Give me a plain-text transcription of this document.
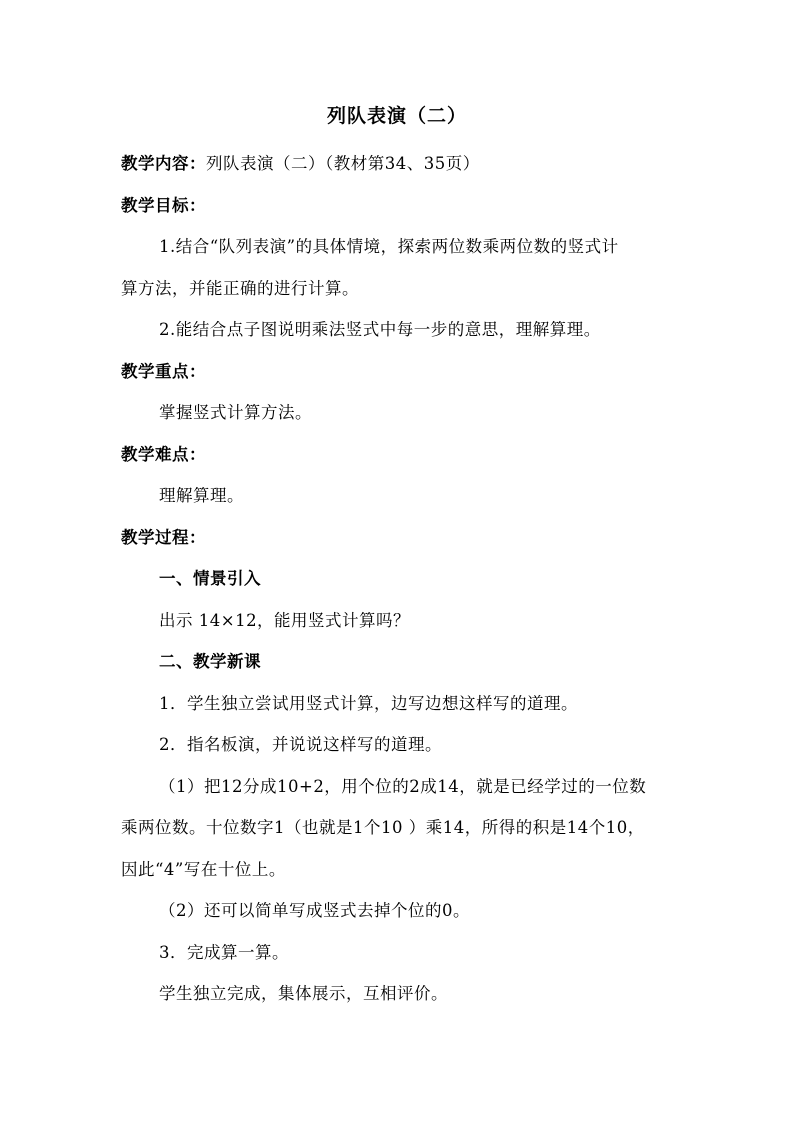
列队表演（二）
教学内容：列队表演（二）（教材第34、35页）
教学目标：
1.结合“队列表演”的具体情境，探索两位数乘两位数的竖式计
算方法，并能正确的进行计算。
2.能结合点子图说明乘法竖式中每一步的意思，理解算理。
教学重点：
掌握竖式计算方法。
教学难点：
理解算理。
教学过程：
一、情景引入
出示 14×12，能用竖式计算吗？
二、教学新课
1．学生独立尝试用竖式计算，边写边想这样写的道理。
2．指名板演，并说说这样写的道理。
（1）把12分成10+2，用个位的2成14，就是已经学过的一位数
乘两位数。十位数字1（也就是1个10 ）乘14，所得的积是14个10，
因此“4”写在十位上。
（2）还可以简单写成竖式去掉个位的0。
3．完成算一算。
学生独立完成，集体展示，互相评价。
